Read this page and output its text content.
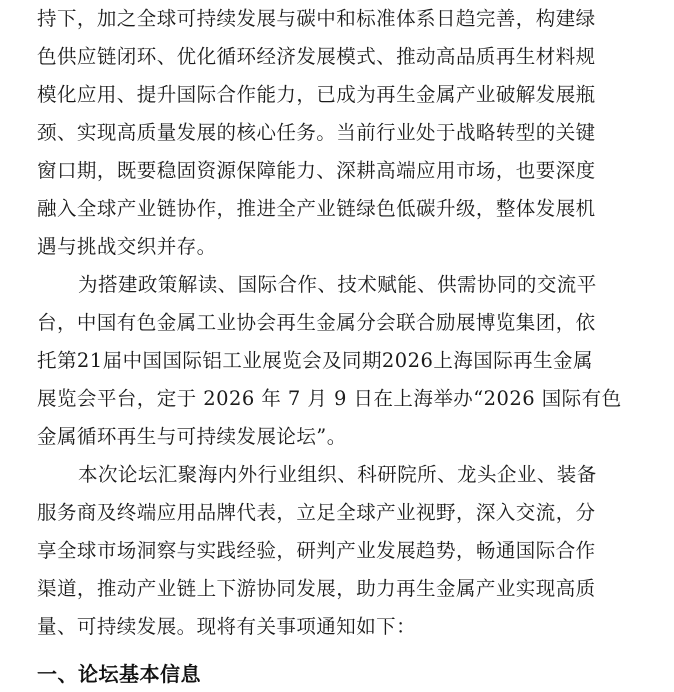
持下，加之全球可持续发展与碳中和标准体系日趋完善，构建绿
色供应链闭环、优化循环经济发展模式、推动高品质再生材料规
模化应用、提升国际合作能力，已成为再生金属产业破解发展瓶
颈、实现高质量发展的核心任务。当前行业处于战略转型的关键
窗口期，既要稳固资源保障能力、深耕高端应用市场，也要深度
融入全球产业链协作，推进全产业链绿色低碳升级，整体发展机
遇与挑战交织并存。
为搭建政策解读、国际合作、技术赋能、供需协同的交流平
台，中国有色金属工业协会再生金属分会联合励展博览集团，依
托第21届中国国际铝工业展览会及同期2026上海国际再生金属
展览会平台，定于 2026 年 7 月 9 日在上海举办“2026 国际有色
金属循环再生与可持续发展论坛”。
本次论坛汇聚海内外行业组织、科研院所、龙头企业、装备
服务商及终端应用品牌代表，立足全球产业视野，深入交流，分
享全球市场洞察与实践经验，研判产业发展趋势，畅通国际合作
渠道，推动产业链上下游协同发展，助力再生金属产业实现高质
量、可持续发展。现将有关事项通知如下：
一、论坛基本信息
